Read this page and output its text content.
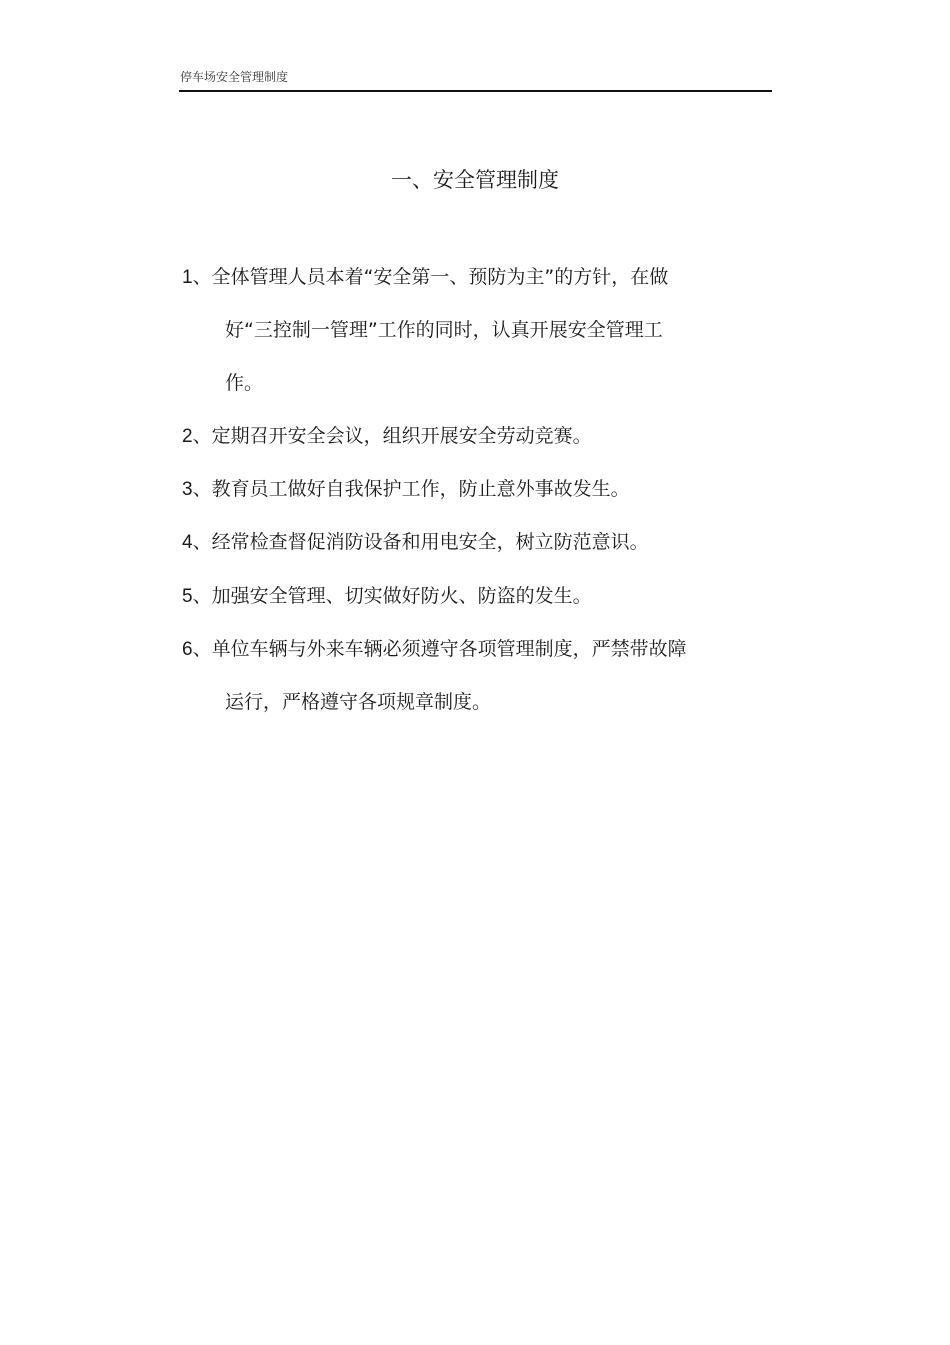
停车场安全管理制度
一、安全管理制度
1、全体管理人员本着“安全第一、预防为主”的方针，在做
好“三控制一管理”工作的同时，认真开展安全管理工
作。
2、定期召开安全会议，组织开展安全劳动竞赛。
3、教育员工做好自我保护工作，防止意外事故发生。
4、经常检查督促消防设备和用电安全，树立防范意识。
5、加强安全管理、切实做好防火、防盗的发生。
6、单位车辆与外来车辆必须遵守各项管理制度，严禁带故障
运行，严格遵守各项规章制度。
